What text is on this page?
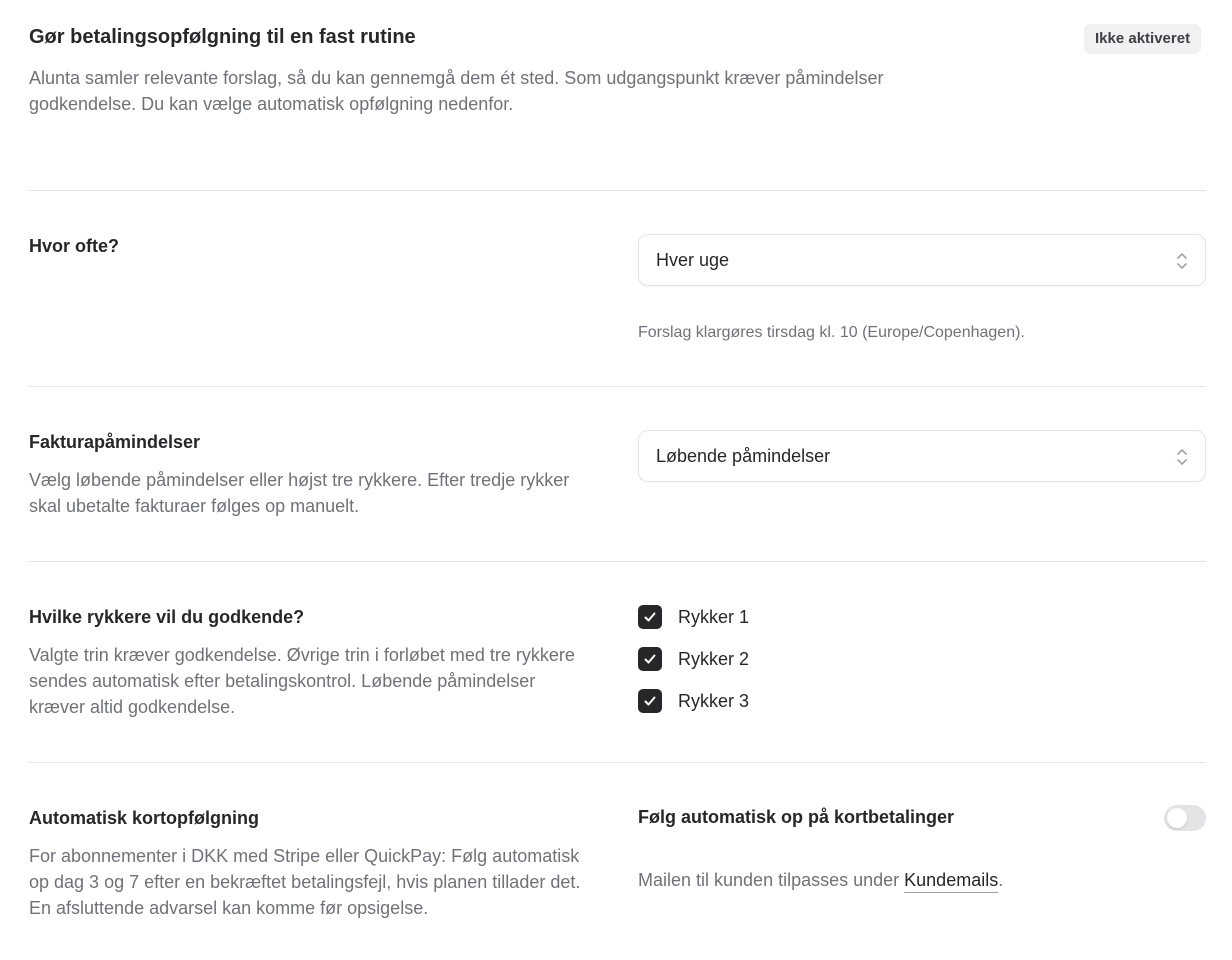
Gør betalingsopfølgning til en fast rutine	Ikke aktiveret

Alunta samler relevante forslag, så du kan gennemgå dem ét sted. Som udgangspunkt kræver påmindelser godkendelse. Du kan vælge automatisk opfølgning nedenfor.

Hvor ofte?
Hver uge
Forslag klargøres tirsdag kl. 10 (Europe/Copenhagen).
Fakturapåmindelser

Vælg løbende påmindelser eller højst tre rykkere. Efter tredje rykker skal ubetalte fakturaer følges op manuelt.

Løbende påmindelser
Hvilke rykkere vil du godkende?

Valgte trin kræver godkendelse. Øvrige trin i forløbet med tre rykkere sendes automatisk efter betalingskontrol. Løbende påmindelser kræver altid godkendelse.

Rykker 1
Rykker 2
Rykker 3
Automatisk kortopfølgning

For abonnementer i DKK med Stripe eller QuickPay: Følg automatisk op dag 3 og 7 efter en bekræftet betalingsfejl, hvis planen tillader det. En afsluttende advarsel kan komme før opsigelse.

Følg automatisk op på kortbetalinger

Mailen til kunden tilpasses under Kundemails.
